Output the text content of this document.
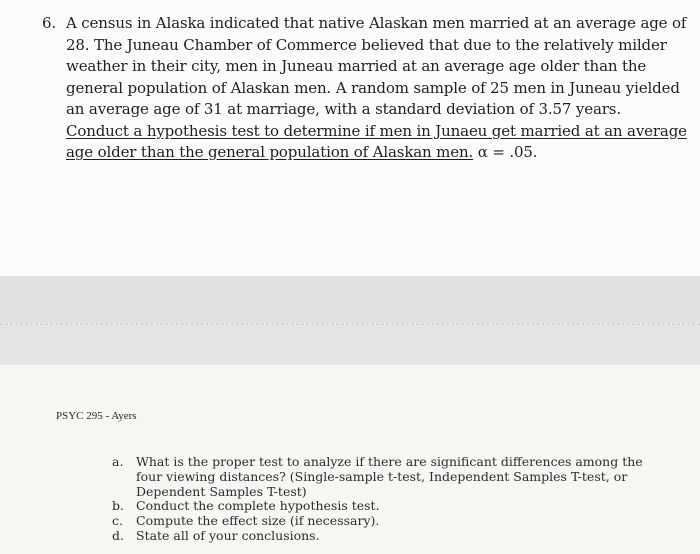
6. A census in Alaska indicated that native Alaskan men married at an average age of 28. The Juneau Chamber of Commerce believed that due to the relatively milder weather in their city, men in Juneau married at an average age older than the general population of Alaskan men. A random sample of 25 men in Juneau yielded an average age of 31 at marriage, with a standard deviation of 3.57 years. Conduct a hypothesis test to determine if men in Junaeu get married at an average age older than the general population of Alaskan men. α = .05.
PSYC 295 - Ayers
a.	What is the proper test to analyze if there are significant differences among the four viewing distances? (Single-sample t-test, Independent Samples T-test, or Dependent Samples T-test)
b. Conduct the complete hypothesis test.
c.	Compute the effect size (if necessary).
d. State all of your conclusions.
